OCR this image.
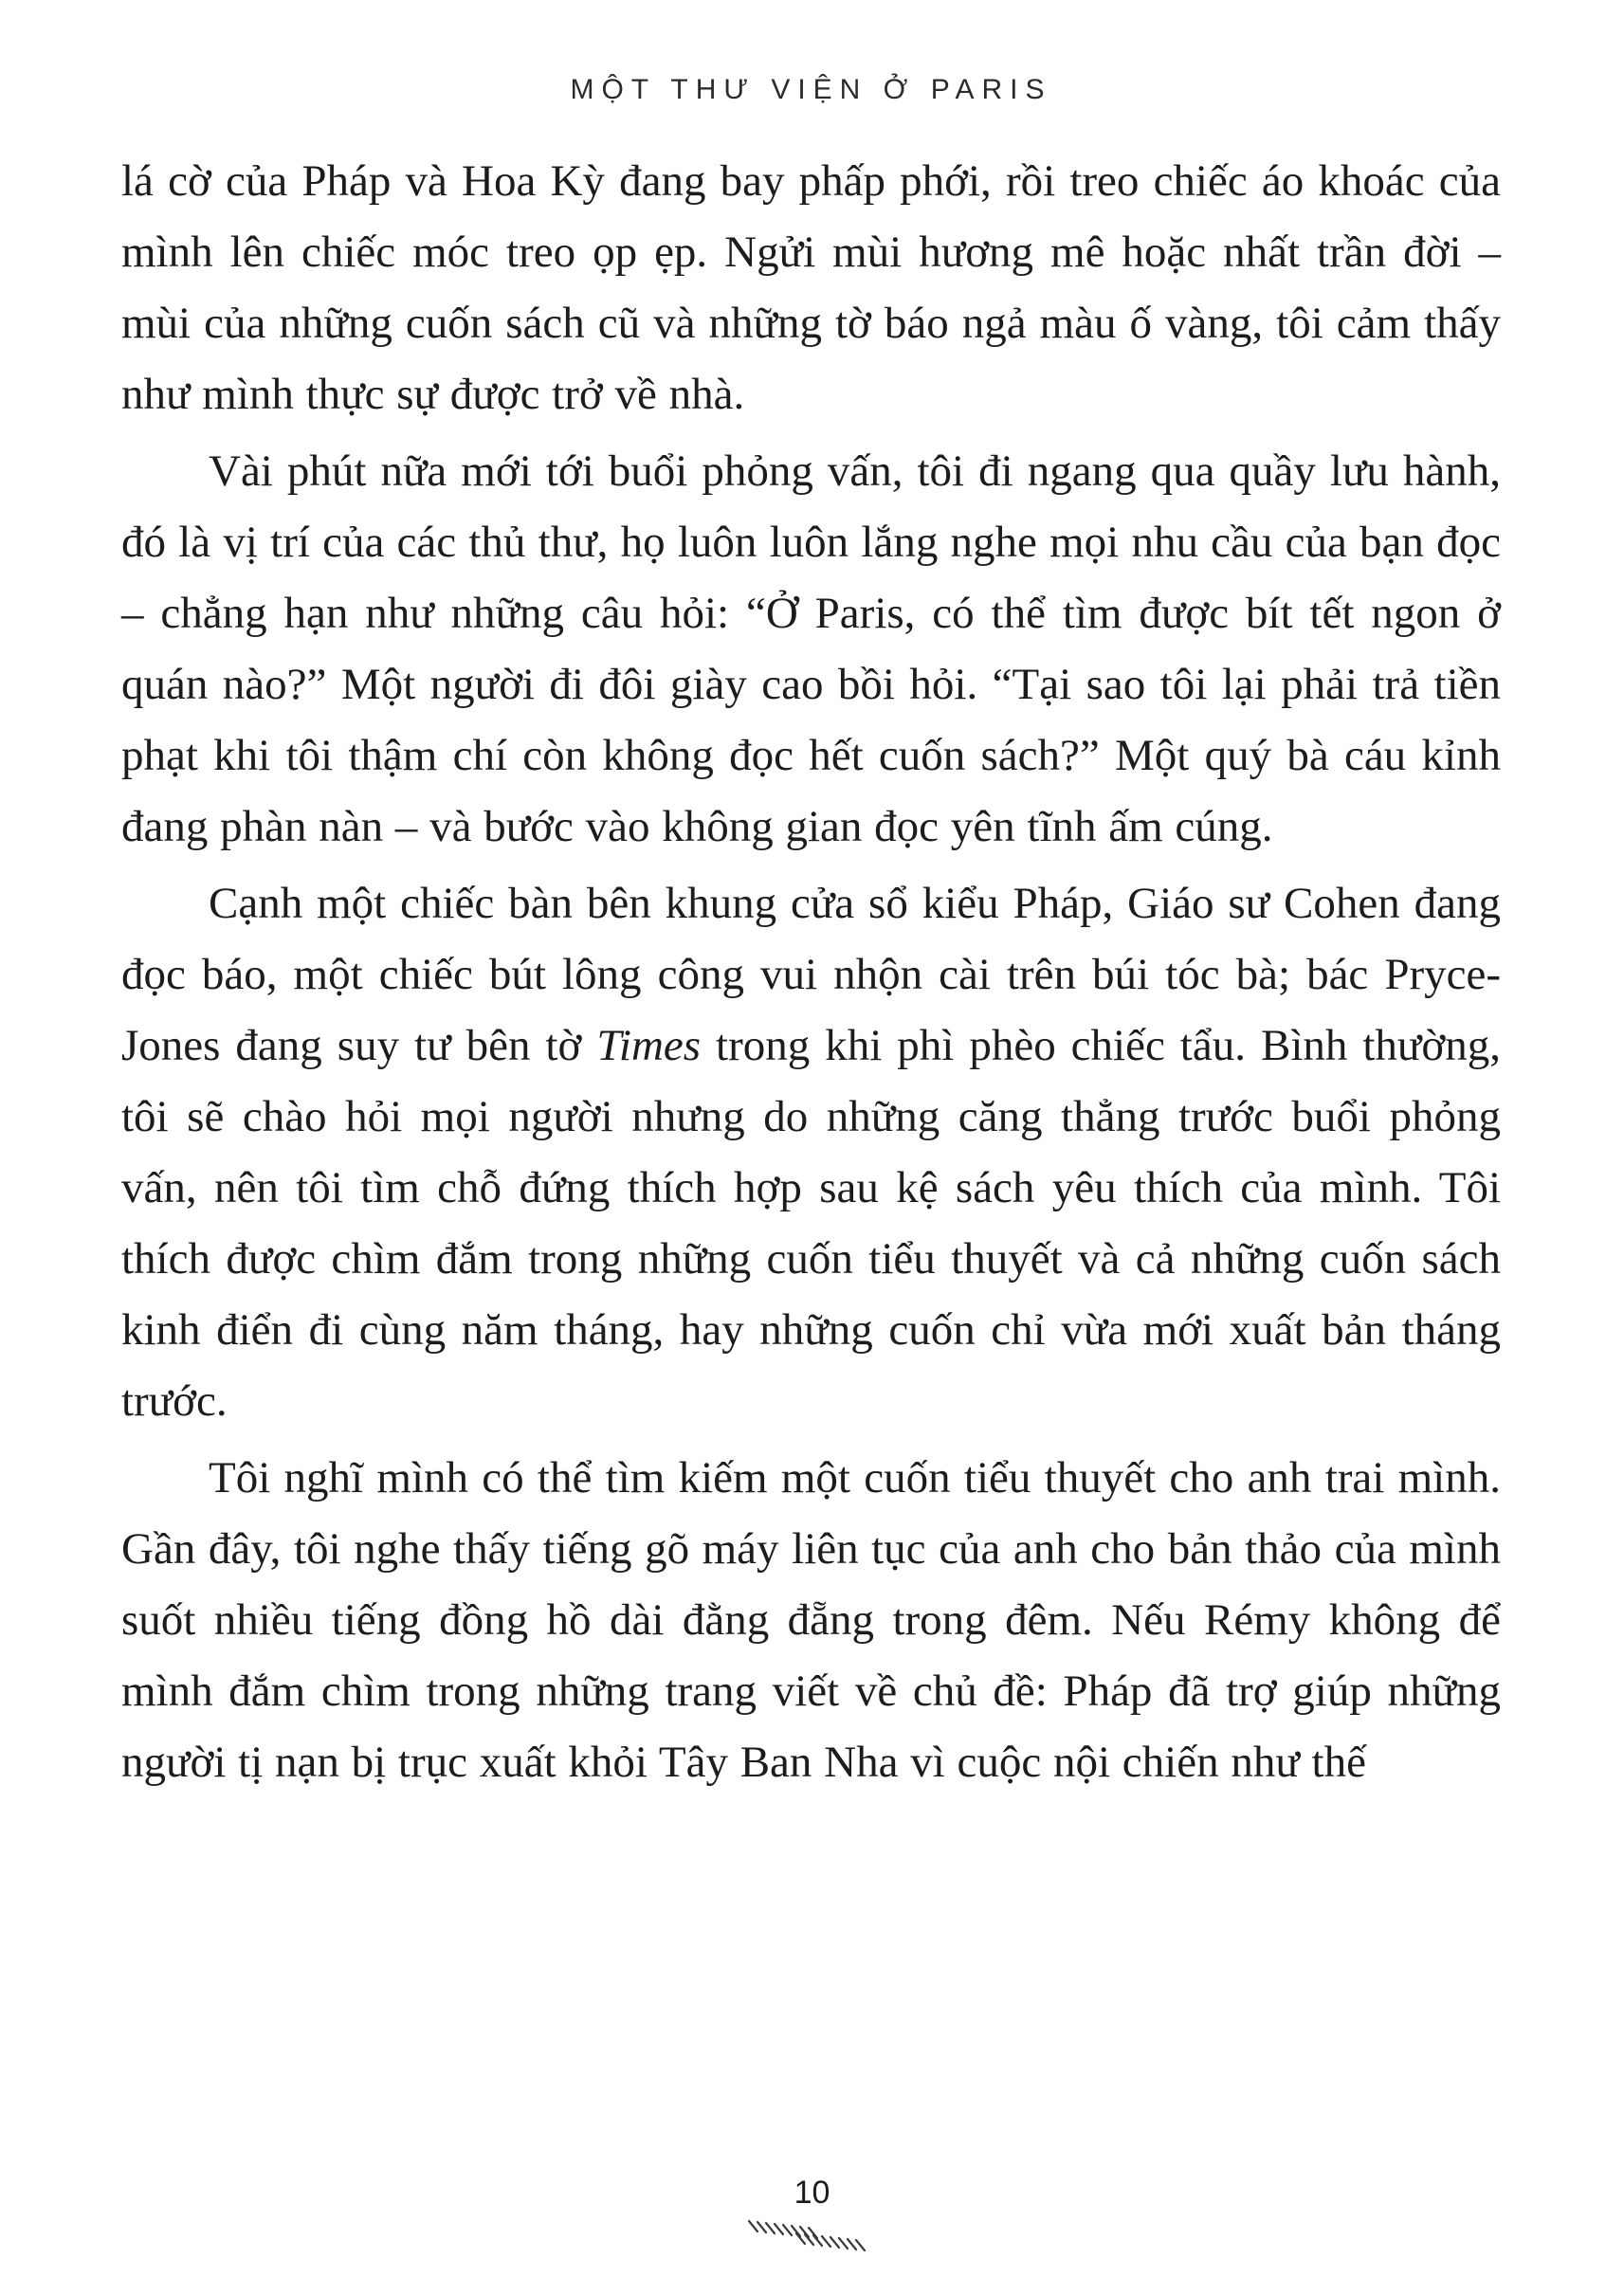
MỘT THƯ VIỆN Ở PARIS

lá cờ của Pháp và Hoa Kỳ đang bay phấp phới, rồi treo chiếc áo khoác của mình lên chiếc móc treo ọp ẹp. Ngửi mùi hương mê hoặc nhất trần đời – mùi của những cuốn sách cũ và những tờ báo ngả màu ố vàng, tôi cảm thấy như mình thực sự được trở về nhà.

Vài phút nữa mới tới buổi phỏng vấn, tôi đi ngang qua quầy lưu hành, đó là vị trí của các thủ thư, họ luôn luôn lắng nghe mọi nhu cầu của bạn đọc – chẳng hạn như những câu hỏi: “Ở Paris, có thể tìm được bít tết ngon ở quán nào?” Một người đi đôi giày cao bồi hỏi. “Tại sao tôi lại phải trả tiền phạt khi tôi thậm chí còn không đọc hết cuốn sách?” Một quý bà cáu kỉnh đang phàn nàn – và bước vào không gian đọc yên tĩnh ấm cúng.

Cạnh một chiếc bàn bên khung cửa sổ kiểu Pháp, Giáo sư Cohen đang đọc báo, một chiếc bút lông công vui nhộn cài trên búi tóc bà; bác Pryce-Jones đang suy tư bên tờ Times trong khi phì phèo chiếc tẩu. Bình thường, tôi sẽ chào hỏi mọi người nhưng do những căng thẳng trước buổi phỏng vấn, nên tôi tìm chỗ đứng thích hợp sau kệ sách yêu thích của mình. Tôi thích được chìm đắm trong những cuốn tiểu thuyết và cả những cuốn sách kinh điển đi cùng năm tháng, hay những cuốn chỉ vừa mới xuất bản tháng trước.

Tôi nghĩ mình có thể tìm kiếm một cuốn tiểu thuyết cho anh trai mình. Gần đây, tôi nghe thấy tiếng gõ máy liên tục của anh cho bản thảo của mình suốt nhiều tiếng đồng hồ dài đằng đẵng trong đêm. Nếu Rémy không để mình đắm chìm trong những trang viết về chủ đề: Pháp đã trợ giúp những người tị nạn bị trục xuất khỏi Tây Ban Nha vì cuộc nội chiến như thế

10
